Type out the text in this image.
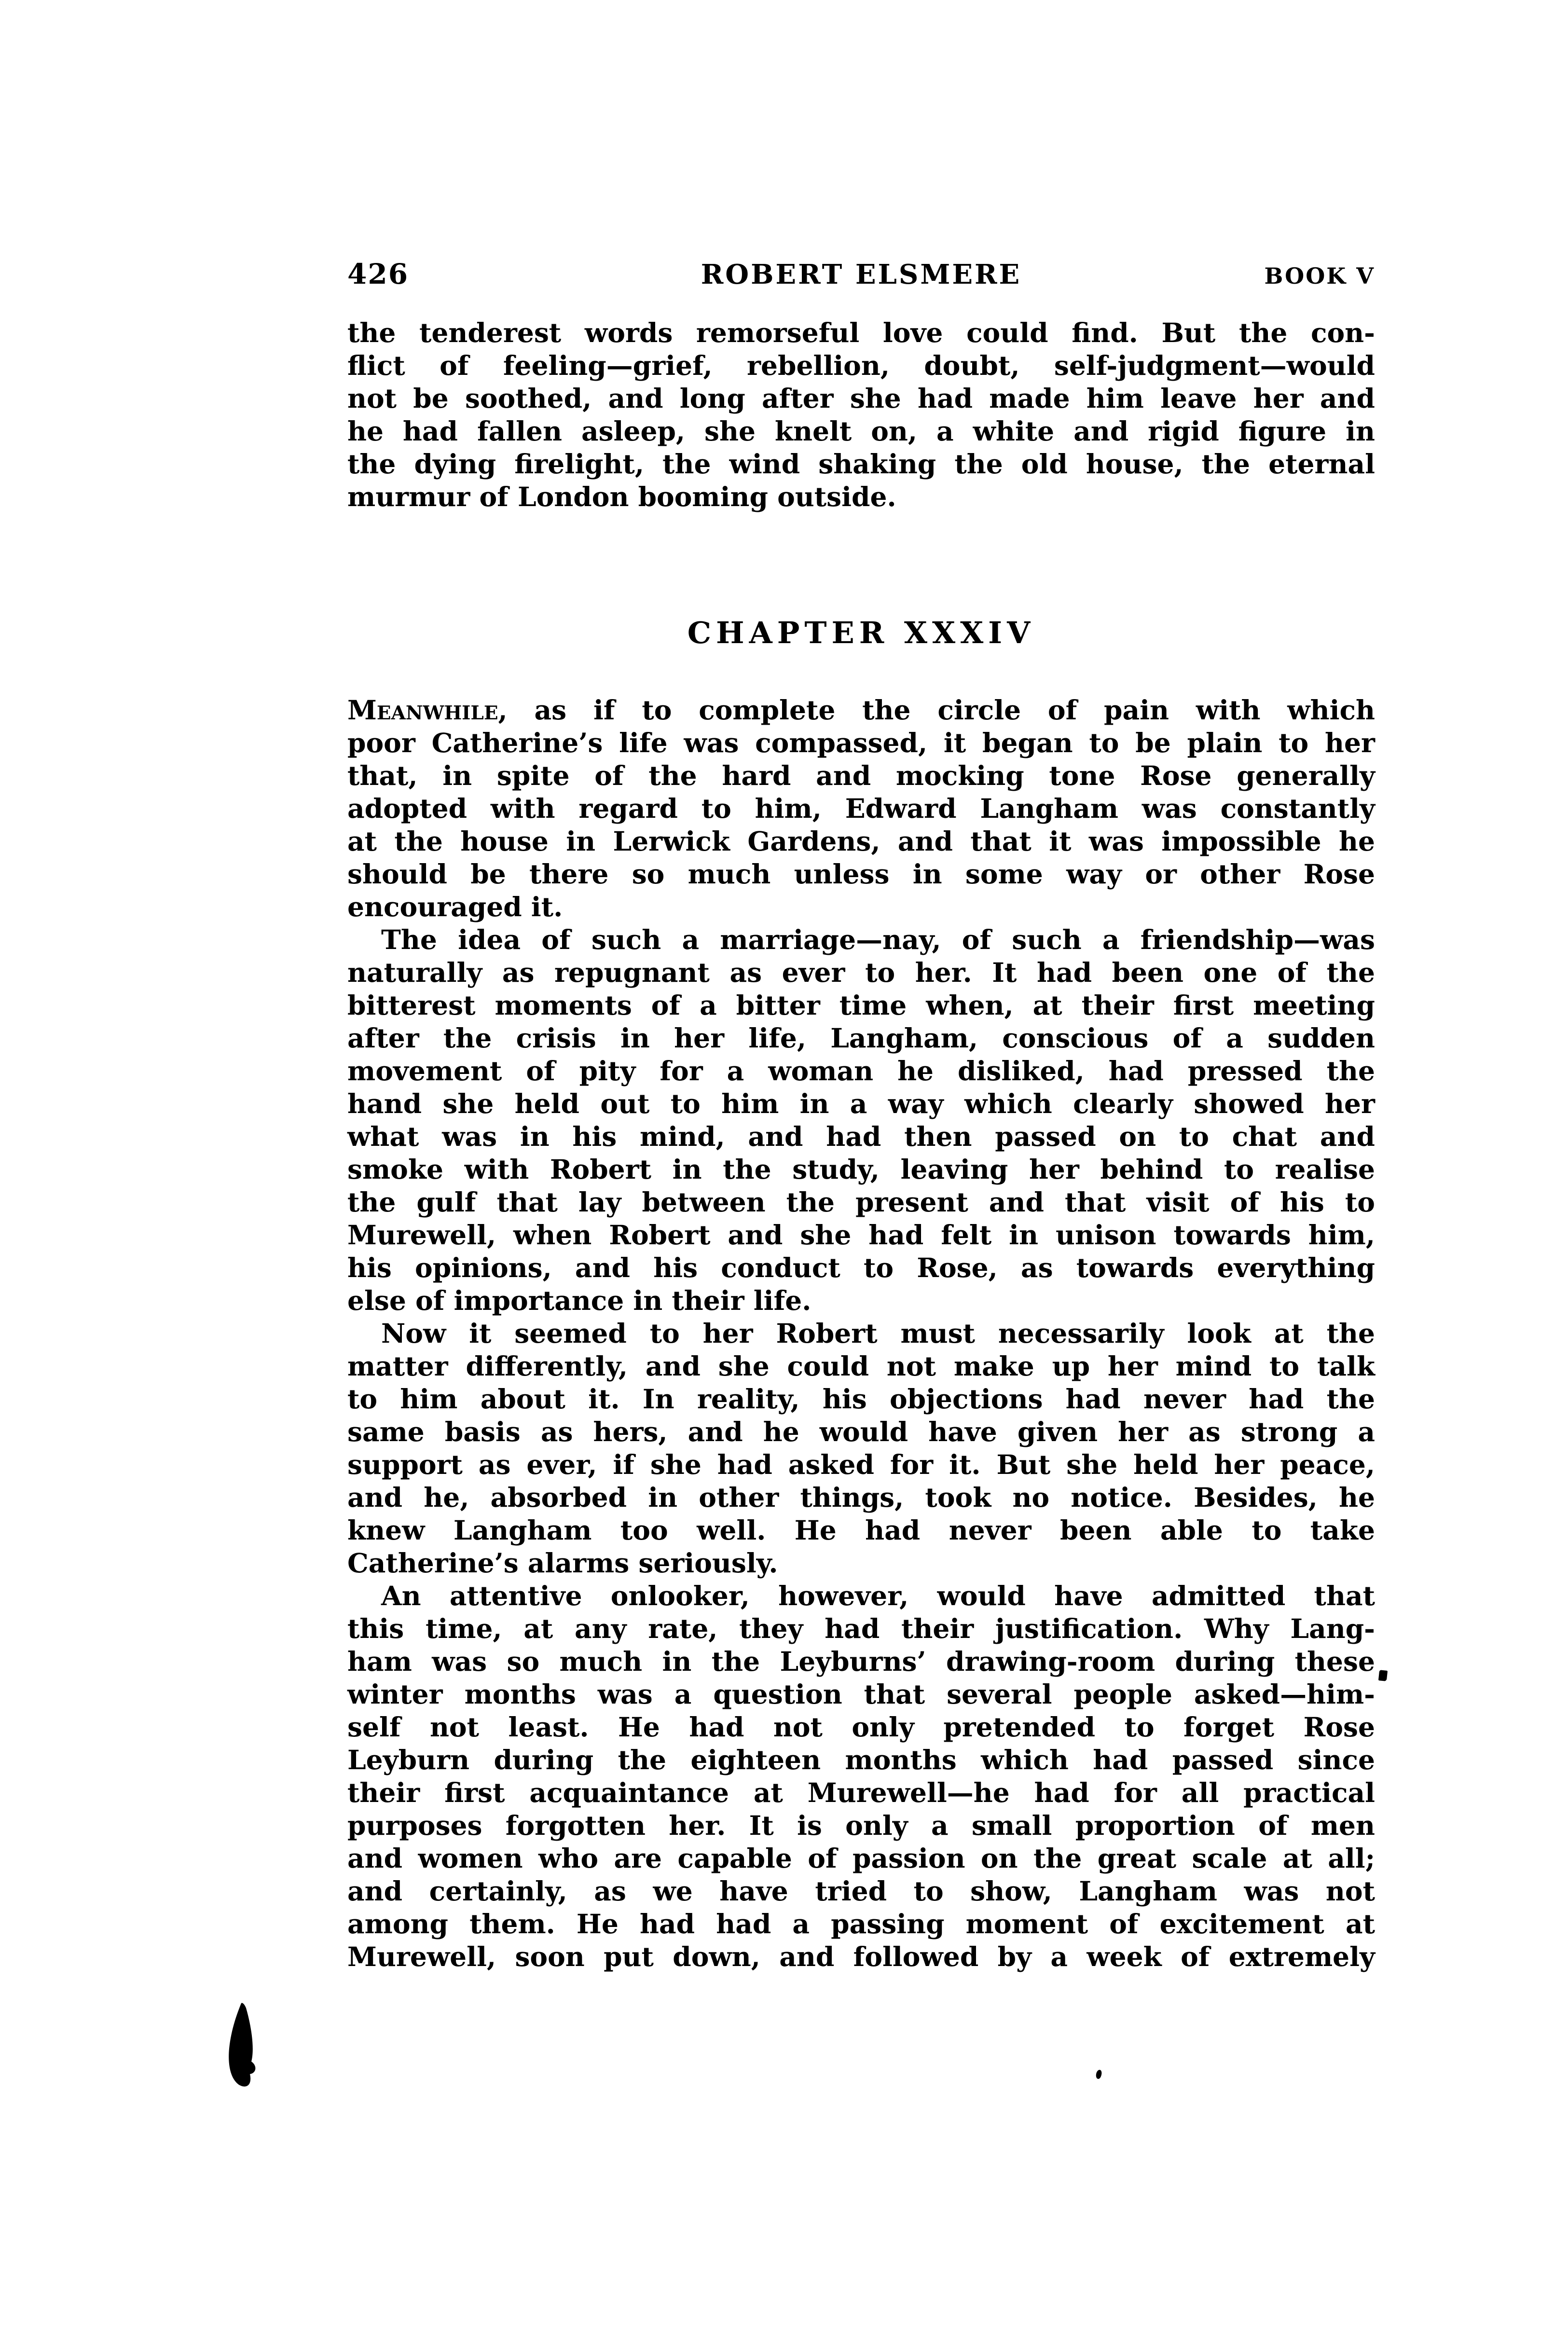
426	ROBERT ELSMERE	BOOK V
the tenderest words remorseful love could find. But the con-
flict of feeling—grief, rebellion, doubt, self-judgment—would
not be soothed, and long after she had made him leave her and
he had fallen asleep, she knelt on, a white and rigid figure in
the dying firelight, the wind shaking the old house, the eternal
murmur of London booming outside.
CHAPTER XXXIV
Meanwhile, as if to complete the circle of pain with which
poor Catherine’s life was compassed, it began to be plain to her
that, in spite of the hard and mocking tone Rose generally
adopted with regard to him, Edward Langham was constantly
at the house in Lerwick Gardens, and that it was impossible he
should be there so much unless in some way or other Rose
encouraged it.
The idea of such a marriage—nay, of such a friendship—was
naturally as repugnant as ever to her. It had been one of the
bitterest moments of a bitter time when, at their first meeting
after the crisis in her life, Langham, conscious of a sudden
movement of pity for a woman he disliked, had pressed the
hand she held out to him in a way which clearly showed her
what was in his mind, and had then passed on to chat and
smoke with Robert in the study, leaving her behind to realise
the gulf that lay between the present and that visit of his to
Murewell, when Robert and she had felt in unison towards him,
his opinions, and his conduct to Rose, as towards everything
else of importance in their life.
Now it seemed to her Robert must necessarily look at the
matter differently, and she could not make up her mind to talk
to him about it. In reality, his objections had never had the
same basis as hers, and he would have given her as strong a
support as ever, if she had asked for it. But she held her peace,
and he, absorbed in other things, took no notice. Besides, he
knew Langham too well. He had never been able to take
Catherine’s alarms seriously.
An attentive onlooker, however, would have admitted that
this time, at any rate, they had their justification. Why Lang-
ham was so much in the Leyburns’ drawing-room during these
winter months was a question that several people asked—him-
self not least. He had not only pretended to forget Rose
Leyburn during the eighteen months which had passed since
their first acquaintance at Murewell—he had for all practical
purposes forgotten her. It is only a small proportion of men
and women who are capable of passion on the great scale at all;
and certainly, as we have tried to show, Langham was not
among them. He had had a passing moment of excitement at
Murewell, soon put down, and followed by a week of extremely
